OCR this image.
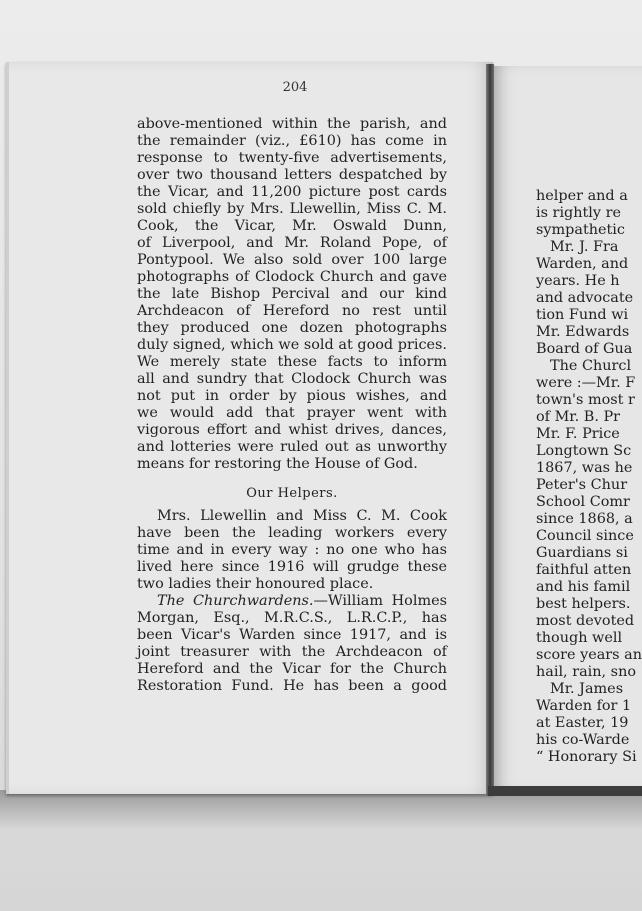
helper and a
is rightly re
sympathetic
Mr. J. Fra
Warden, and
years. He h
and advocate
tion Fund wi
Mr. Edwards
Board of Gua
The Churcl
were :—Mr. F
town's most r
of Mr. B. Pr
Mr. F. Price
Longtown Sc
1867, was he
Peter's Chur
School Comr
since 1868, a
Council since
Guardians si
faithful atten
and his famil
best helpers.
most devoted
though well
score years an
hail, rain, sno
Mr. James
Warden for 1
at Easter, 19
his co-Warde
“ Honorary Si
204
above-mentioned within the parish, and
the remainder (viz., £610) has come in
response to twenty-five advertisements,
over two thousand letters despatched by
the Vicar, and 11,200 picture post cards
sold chiefly by Mrs. Llewellin, Miss C. M.
Cook, the Vicar, Mr. Oswald Dunn,
of Liverpool, and Mr. Roland Pope, of
Pontypool. We also sold over 100 large
photographs of Clodock Church and gave
the late Bishop Percival and our kind
Archdeacon of Hereford no rest until
they produced one dozen photographs
duly signed, which we sold at good prices.
We merely state these facts to inform
all and sundry that Clodock Church was
not put in order by pious wishes, and
we would add that prayer went with
vigorous effort and whist drives, dances,
and lotteries were ruled out as unworthy
means for restoring the House of God.
Our Helpers.
Mrs. Llewellin and Miss C. M. Cook
have been the leading workers every
time and in every way : no one who has
lived here since 1916 will grudge these
two ladies their honoured place.
The Churchwardens.—William Holmes
Morgan, Esq., M.R.C.S., L.R.C.P., has
been Vicar's Warden since 1917, and is
joint treasurer with the Archdeacon of
Hereford and the Vicar for the Church
Restoration Fund. He has been a good
